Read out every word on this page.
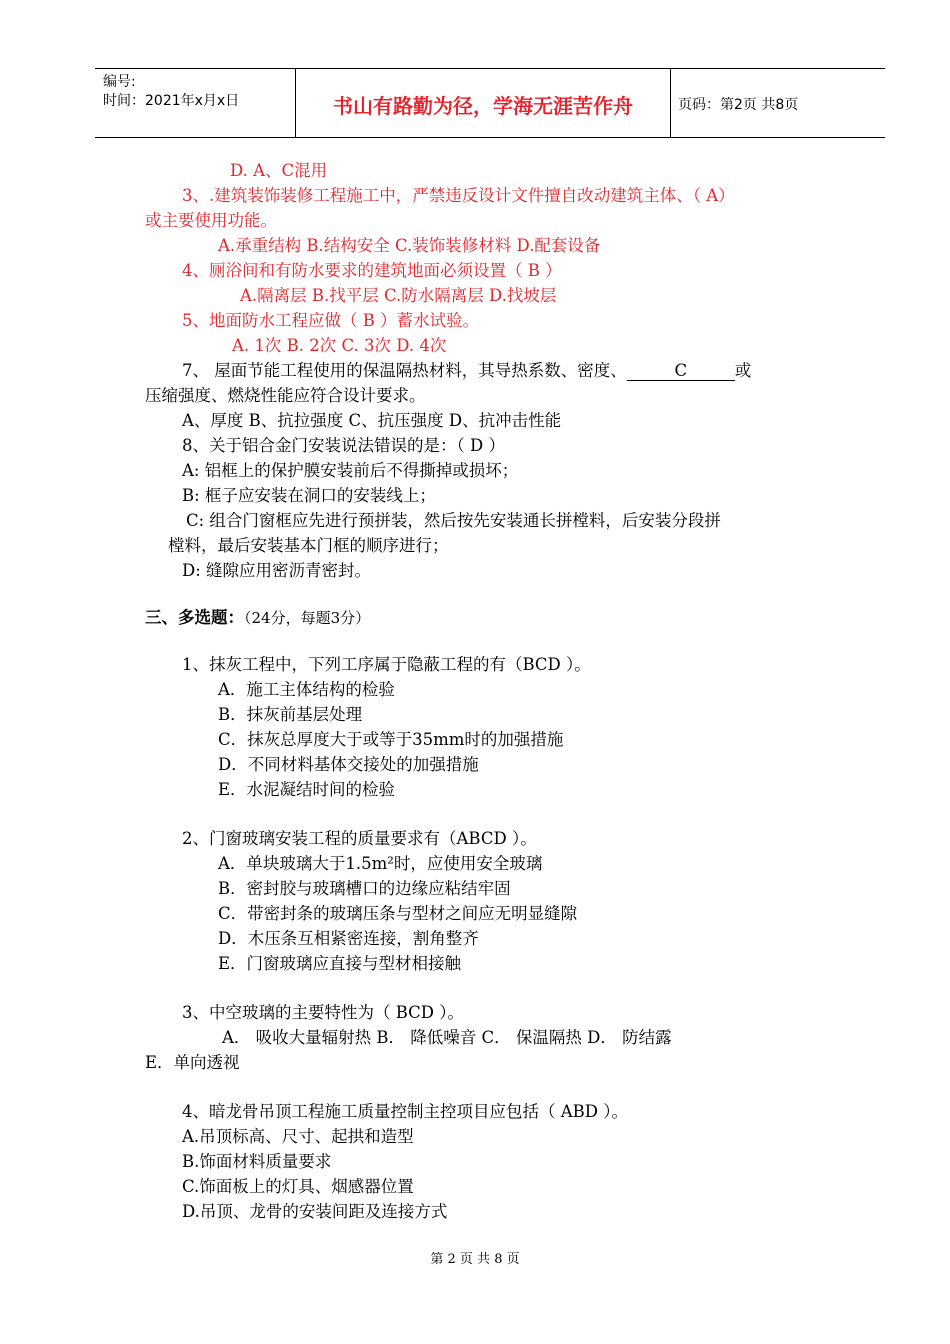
编号:
时间：2021年x月x日	书山有路勤为径，学海无涯苦作舟	页码：第2页 共8页
D. A、C混用
3、.建筑装饰装修工程施工中，严禁违反设计文件擅自改动建筑主体、（ A）
或主要使用功能。
A.承重结构 B.结构安全 C.装饰装修材料 D.配套设备
4、厕浴间和有防水要求的建筑地面必须设置（ B ）
A.隔离层 B.找平层 C.防水隔离层 D.找坡层
5、地面防水工程应做（ B ）蓄水试验。
A. 1次 B. 2次 C. 3次 D. 4次
7、 屋面节能工程使用的保温隔热材料，其导热系数、密度、	C	或
压缩强度、燃烧性能应符合设计要求。
A、厚度 B、抗拉强度 C、抗压强度 D、抗冲击性能
8、关于铝合金门安装说法错误的是：（ D ）
A: 铝框上的保护膜安装前后不得撕掉或损坏；
B: 框子应安装在洞口的安装线上；
C: 组合门窗框应先进行预拼装，然后按先安装通长拼樘料，后安装分段拼
樘料，最后安装基本门框的顺序进行；
D: 缝隙应用密沥青密封。
三、多选题：（24分，每题3分）
1、抹灰工程中，下列工序属于隐蔽工程的有（BCD ）。
A．施工主体结构的检验
B．抹灰前基层处理
C．抹灰总厚度大于或等于35mm时的加强措施
D．不同材料基体交接处的加强措施
E．水泥凝结时间的检验
2、门窗玻璃安装工程的质量要求有（ABCD ）。
A．单块玻璃大于1.5m²时，应使用安全玻璃
B．密封胶与玻璃槽口的边缘应粘结牢固
C．带密封条的玻璃压条与型材之间应无明显缝隙
D．木压条互相紧密连接，割角整齐
E．门窗玻璃应直接与型材相接触
3、中空玻璃的主要特性为（ BCD ）。
A． 吸收大量辐射热 B． 降低噪音 C． 保温隔热 D． 防结露
E．单向透视
4、暗龙骨吊顶工程施工质量控制主控项目应包括（ ABD ）。
A.吊顶标高、尺寸、起拱和造型
B.饰面材料质量要求
C.饰面板上的灯具、烟感器位置
D.吊顶、龙骨的安装间距及连接方式
第 2 页 共 8 页
